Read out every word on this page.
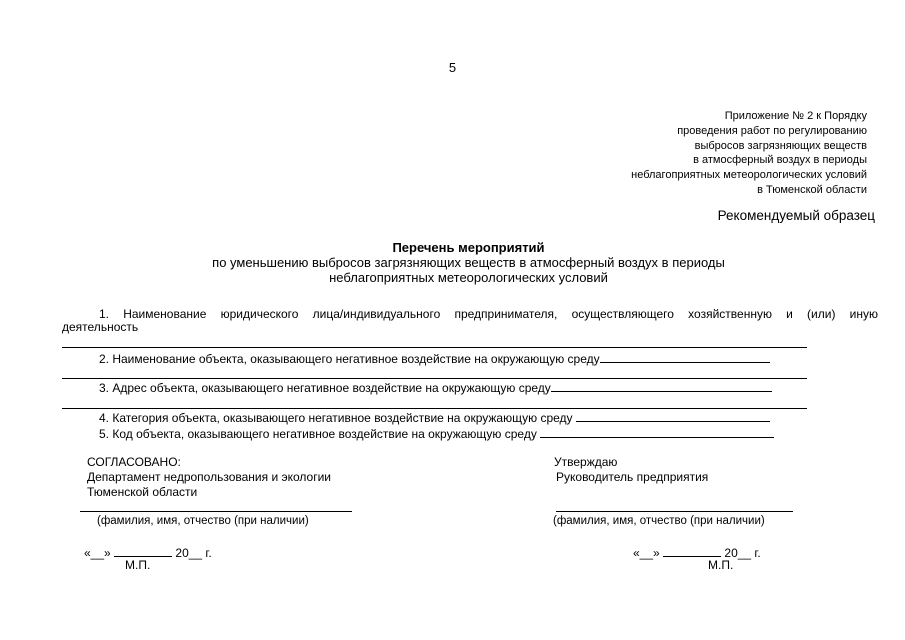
5
Приложение № 2 к Порядку
проведения работ по регулированию
выбросов загрязняющих веществ
в атмосферный воздух в периоды
неблагоприятных метеорологических условий
в Тюменской области
Рекомендуемый образец
Перечень мероприятий
по уменьшению выбросов загрязняющих веществ в атмосферный воздух в периоды
неблагоприятных метеорологических условий
1. Наименование юридического лица/индивидуального предпринимателя, осуществляющего хозяйственную и (или) иную
деятельность
2. Наименование объекта, оказывающего негативное воздействие на окружающую среду
3. Адрес объекта, оказывающего негативное воздействие на окружающую среду
4. Категория объекта, оказывающего негативное воздействие на окружающую среду
5. Код объекта, оказывающего негативное воздействие на окружающую среду
СОГЛАСОВАНО:
Департамент недропользования и экологии
Тюменской области
(фамилия, имя, отчество (при наличии)
«__»	20__ г.
М.П.
Утверждаю
Руководитель предприятия
(фамилия, имя, отчество (при наличии)
«__»	20__ г.
М.П.
